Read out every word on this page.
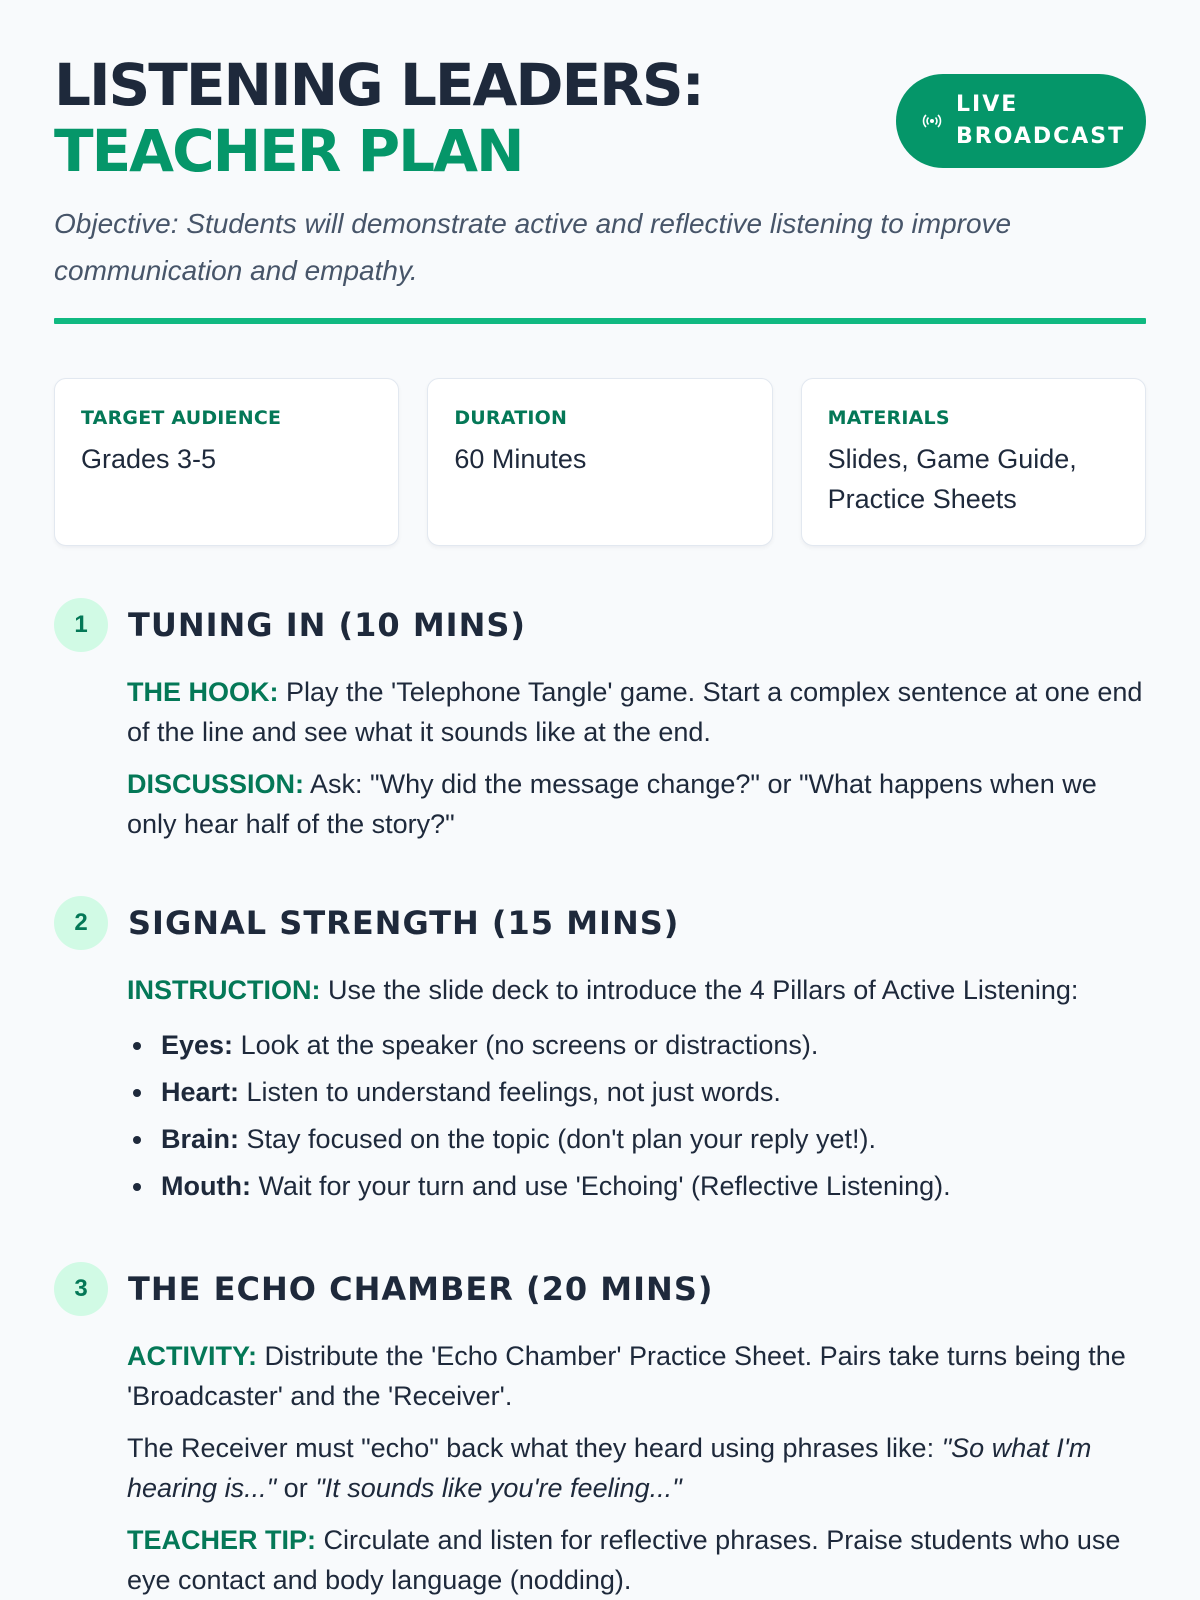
LISTENING LEADERS:
TEACHER PLAN
LIVE
BROADCAST

Objective: Students will demonstrate active and reflective listening to improve communication and empathy.

TARGET AUDIENCE
Grades 3-5
DURATION
60 Minutes
MATERIALS
Slides, Game Guide, Practice Sheets
1	TUNING IN (10 MINS)

THE HOOK: Play the 'Telephone Tangle' game. Start a complex sentence at one end of the line and see what it sounds like at the end.

DISCUSSION: Ask: "Why did the message change?" or "What happens when we only hear half of the story?"

2	SIGNAL STRENGTH (15 MINS)

INSTRUCTION: Use the slide deck to introduce the 4 Pillars of Active Listening:

Eyes: Look at the speaker (no screens or distractions).
Heart: Listen to understand feelings, not just words.
Brain: Stay focused on the topic (don't plan your reply yet!).
Mouth: Wait for your turn and use 'Echoing' (Reflective Listening).
3	THE ECHO CHAMBER (20 MINS)

ACTIVITY: Distribute the 'Echo Chamber' Practice Sheet. Pairs take turns being the 'Broadcaster' and the 'Receiver'.

The Receiver must "echo" back what they heard using phrases like: "So what I'm hearing is..." or "It sounds like you're feeling..."

TEACHER TIP: Circulate and listen for reflective phrases. Praise students who use eye contact and body language (nodding).
